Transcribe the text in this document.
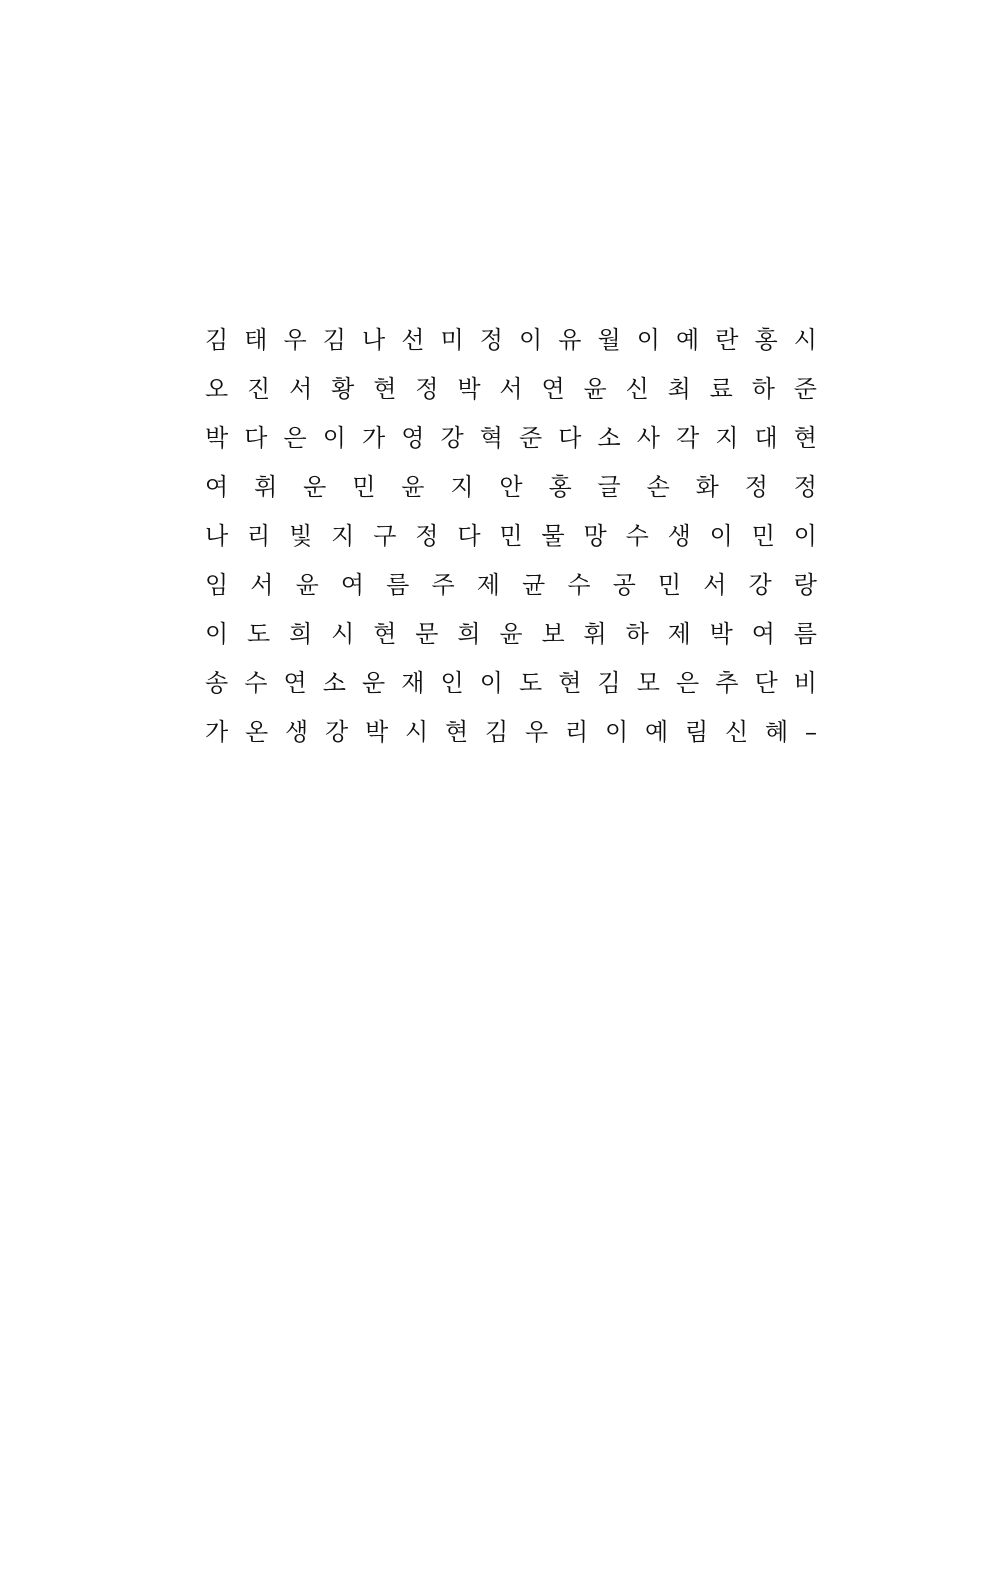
김 태 우 김 나 선 미 정 이 유 월 이 예 란 홍 시
오 진 서 황 현 정 박 서 연 윤 신 최 료 하 준
박 다 은 이 가 영 강 혁 준 다 소 사 각 지 대 현
여 휘 운 민 윤 지 안 홍 글 손 화 정 정
나 리 빛 지 구 정 다 민 물 망 수 생 이 민 이
임 서 윤 여 름 주 제 균 수 공 민 서 강 랑
이 도 희 시 현 문 희 윤 보 휘 하 제 박 여 름
송 수 연 소 운 재 인 이 도 현 김 모 은 추 단 비
가 온 생 강 박 시 현 김 우 리 이 예 림 신 혜 –
